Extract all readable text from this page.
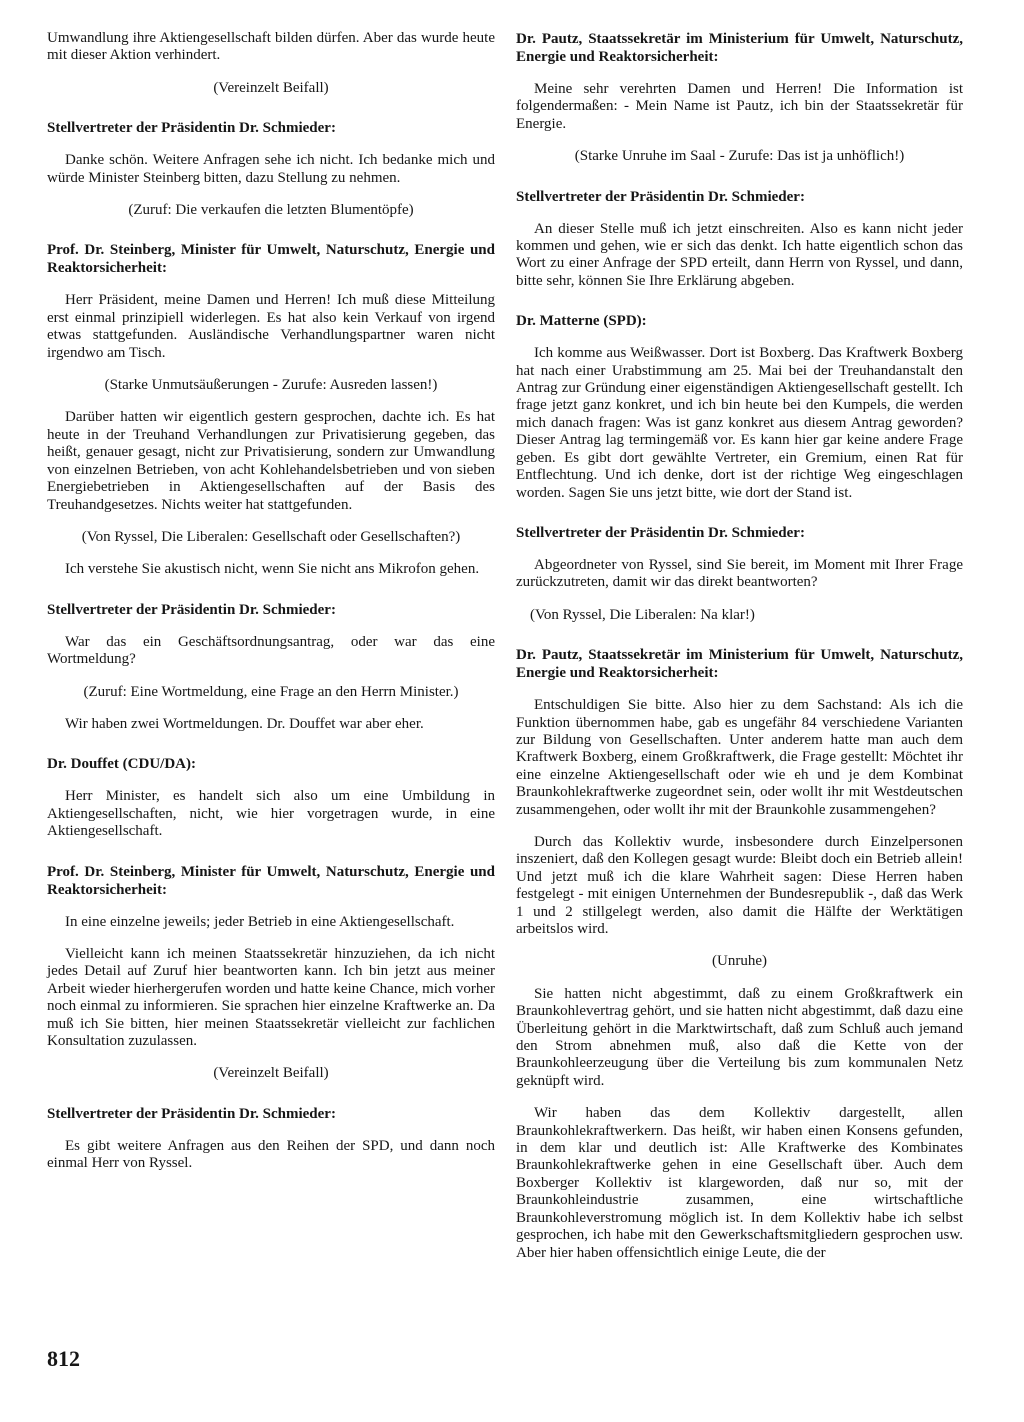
Umwandlung ihre Aktiengesellschaft bilden dürfen. Aber das wurde heute mit dieser Aktion verhindert.
(Vereinzelt Beifall)
Stellvertreter der Präsidentin Dr. Schmieder:
Danke schön. Weitere Anfragen sehe ich nicht. Ich bedanke mich und würde Minister Steinberg bitten, dazu Stellung zu nehmen.
(Zuruf: Die verkaufen die letzten Blumentöpfe)
Prof. Dr. Steinberg, Minister für Umwelt, Naturschutz, Energie und Reaktorsicherheit:
Herr Präsident, meine Damen und Herren! Ich muß diese Mitteilung erst einmal prinzipiell widerlegen. Es hat also kein Verkauf von irgend etwas stattgefunden. Ausländische Verhandlungspartner waren nicht irgendwo am Tisch.
(Starke Unmutsäußerungen - Zurufe: Ausreden lassen!)
Darüber hatten wir eigentlich gestern gesprochen, dachte ich. Es hat heute in der Treuhand Verhandlungen zur Privatisierung gegeben, das heißt, genauer gesagt, nicht zur Privatisierung, sondern zur Umwandlung von einzelnen Betrieben, von acht Kohlehandelsbetrieben und von sieben Energiebetrieben in Aktiengesellschaften auf der Basis des Treuhandgesetzes. Nichts weiter hat stattgefunden.
(Von Ryssel, Die Liberalen: Gesellschaft oder Gesellschaften?)
Ich verstehe Sie akustisch nicht, wenn Sie nicht ans Mikrofon gehen.
Stellvertreter der Präsidentin Dr. Schmieder:
War das ein Geschäftsordnungsantrag, oder war das eine Wortmeldung?
(Zuruf: Eine Wortmeldung, eine Frage an den Herrn Minister.)
Wir haben zwei Wortmeldungen. Dr. Douffet war aber eher.
Dr. Douffet (CDU/DA):
Herr Minister, es handelt sich also um eine Umbildung in Aktiengesellschaften, nicht, wie hier vorgetragen wurde, in eine Aktiengesellschaft.
Prof. Dr. Steinberg, Minister für Umwelt, Naturschutz, Energie und Reaktorsicherheit:
In eine einzelne jeweils; jeder Betrieb in eine Aktiengesellschaft.
Vielleicht kann ich meinen Staatssekretär hinzuziehen, da ich nicht jedes Detail auf Zuruf hier beantworten kann. Ich bin jetzt aus meiner Arbeit wieder hierhergerufen worden und hatte keine Chance, mich vorher noch einmal zu informieren. Sie sprachen hier einzelne Kraftwerke an. Da muß ich Sie bitten, hier meinen Staatssekretär vielleicht zur fachlichen Konsultation zuzulassen.
(Vereinzelt Beifall)
Stellvertreter der Präsidentin Dr. Schmieder:
Es gibt weitere Anfragen aus den Reihen der SPD, und dann noch einmal Herr von Ryssel.
Dr. Pautz, Staatssekretär im Ministerium für Umwelt, Naturschutz, Energie und Reaktorsicherheit:
Meine sehr verehrten Damen und Herren! Die Information ist folgendermaßen: - Mein Name ist Pautz, ich bin der Staatssekretär für Energie.
(Starke Unruhe im Saal - Zurufe: Das ist ja unhöflich!)
Stellvertreter der Präsidentin Dr. Schmieder:
An dieser Stelle muß ich jetzt einschreiten. Also es kann nicht jeder kommen und gehen, wie er sich das denkt. Ich hatte eigentlich schon das Wort zu einer Anfrage der SPD erteilt, dann Herrn von Ryssel, und dann, bitte sehr, können Sie Ihre Erklärung abgeben.
Dr. Matterne (SPD):
Ich komme aus Weißwasser. Dort ist Boxberg. Das Kraftwerk Boxberg hat nach einer Urabstimmung am 25. Mai bei der Treuhandanstalt den Antrag zur Gründung einer eigenständigen Aktiengesellschaft gestellt. Ich frage jetzt ganz konkret, und ich bin heute bei den Kumpels, die werden mich danach fragen: Was ist ganz konkret aus diesem Antrag geworden? Dieser Antrag lag termingemäß vor. Es kann hier gar keine andere Frage geben. Es gibt dort gewählte Vertreter, ein Gremium, einen Rat für Entflechtung. Und ich denke, dort ist der richtige Weg eingeschlagen worden. Sagen Sie uns jetzt bitte, wie dort der Stand ist.
Stellvertreter der Präsidentin Dr. Schmieder:
Abgeordneter von Ryssel, sind Sie bereit, im Moment mit Ihrer Frage zurückzutreten, damit wir das direkt beantworten?
(Von Ryssel, Die Liberalen: Na klar!)
Dr. Pautz, Staatssekretär im Ministerium für Umwelt, Naturschutz, Energie und Reaktorsicherheit:
Entschuldigen Sie bitte. Also hier zu dem Sachstand: Als ich die Funktion übernommen habe, gab es ungefähr 84 verschiedene Varianten zur Bildung von Gesellschaften. Unter anderem hatte man auch dem Kraftwerk Boxberg, einem Großkraftwerk, die Frage gestellt: Möchtet ihr eine einzelne Aktiengesellschaft oder wie eh und je dem Kombinat Braunkohlekraftwerke zugeordnet sein, oder wollt ihr mit Westdeutschen zusammengehen, oder wollt ihr mit der Braunkohle zusammengehen?
Durch das Kollektiv wurde, insbesondere durch Einzelpersonen inszeniert, daß den Kollegen gesagt wurde: Bleibt doch ein Betrieb allein! Und jetzt muß ich die klare Wahrheit sagen: Diese Herren haben festgelegt - mit einigen Unternehmen der Bundesrepublik -, daß das Werk 1 und 2 stillgelegt werden, also damit die Hälfte der Werktätigen arbeitslos wird.
(Unruhe)
Sie hatten nicht abgestimmt, daß zu einem Großkraftwerk ein Braunkohlevertrag gehört, und sie hatten nicht abgestimmt, daß dazu eine Überleitung gehört in die Marktwirtschaft, daß zum Schluß auch jemand den Strom abnehmen muß, also daß die Kette von der Braunkohleerzeugung über die Verteilung bis zum kommunalen Netz geknüpft wird.
Wir haben das dem Kollektiv dargestellt, allen Braunkohlekraftwerkern. Das heißt, wir haben einen Konsens gefunden, in dem klar und deutlich ist: Alle Kraftwerke des Kombinates Braunkohlekraftwerke gehen in eine Gesellschaft über. Auch dem Boxberger Kollektiv ist klargeworden, daß nur so, mit der Braunkohleindustrie zusammen, eine wirtschaftliche Braunkohleverstromung möglich ist. In dem Kollektiv habe ich selbst gesprochen, ich habe mit den Gewerkschaftsmitgliedern gesprochen usw. Aber hier haben offensichtlich einige Leute, die der
812
